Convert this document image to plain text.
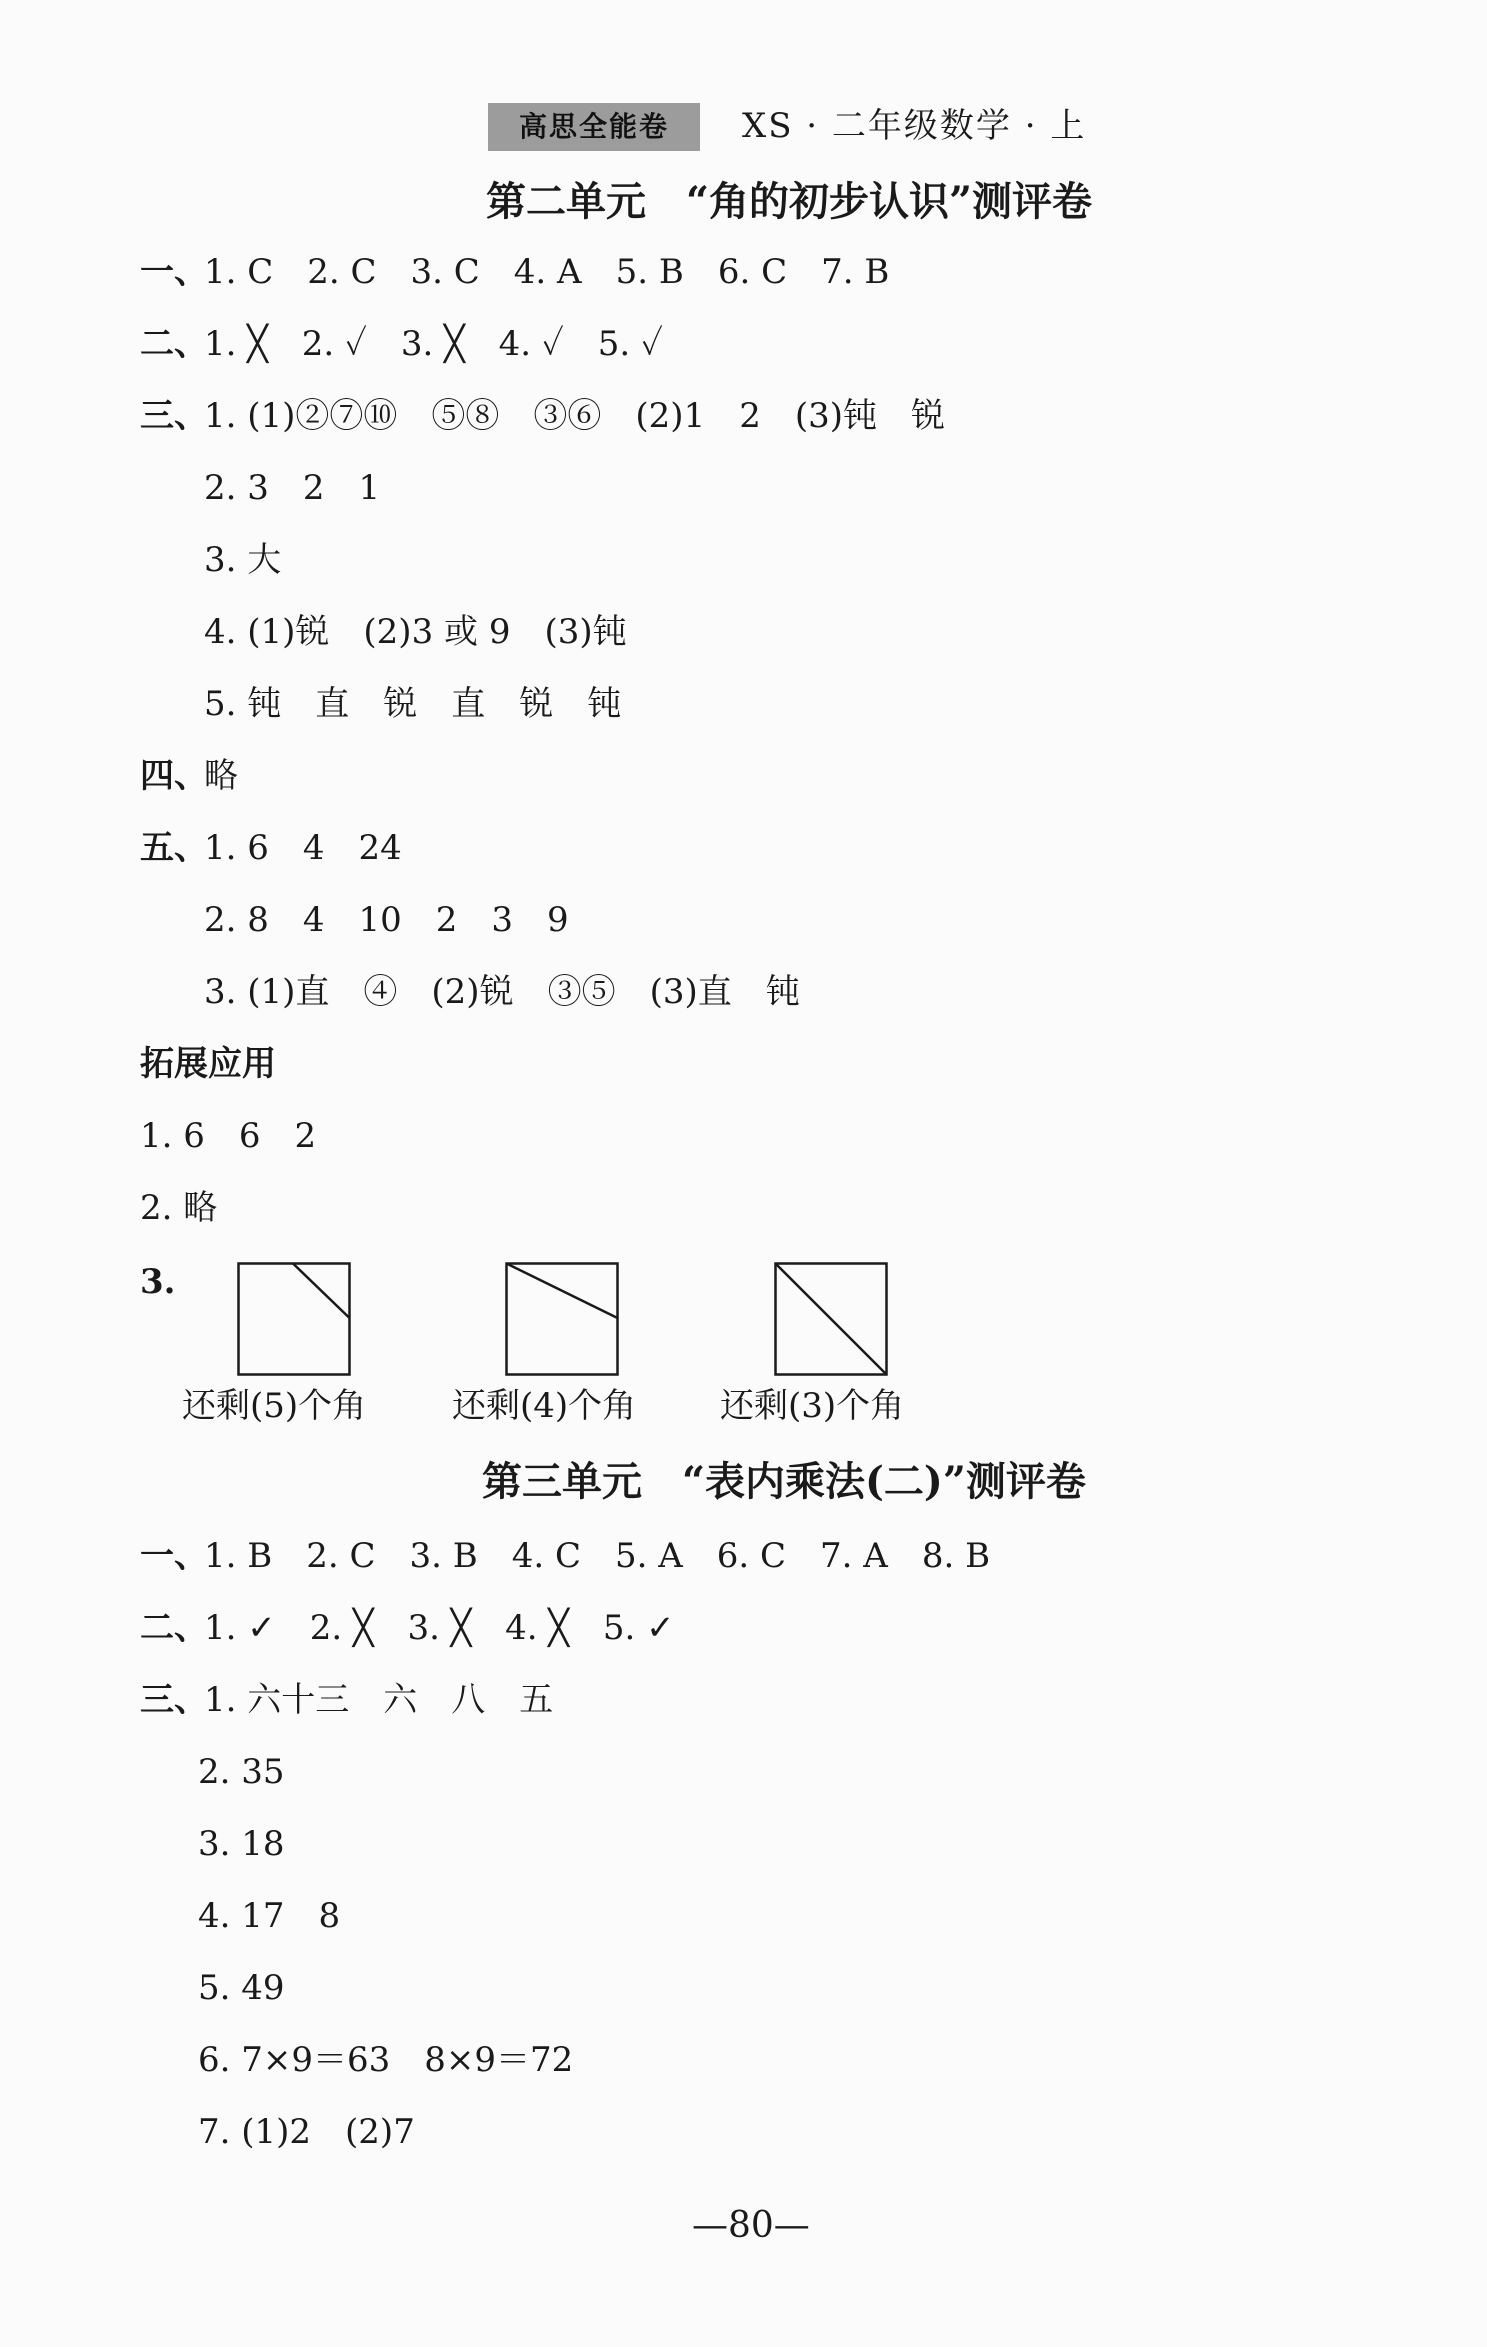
高思全能卷	XS · 二年级数学 · 上
第二单元　“角的初步认识”测评卷
一、
1. C　2. C　3. C　4. A　5. B　6. C　7. B
二、
1. ╳　2. ✓　3. ╳　4. ✓　5. ✓
三、
1. (1)②⑦⑩　⑤⑧　③⑥　(2)1　2　(3)钝　锐
2. 3　2　1
3. 大
4. (1)锐　(2)3 或 9　(3)钝
5. 钝　直　锐　直　锐　钝
四、
略
五、
1. 6　4　24
2. 8　4　10　2　3　9
3. (1)直　④　(2)锐　③⑤　(3)直　钝
拓展应用
1. 6　6　2
2. 略
3.
还剩(5)个角	还剩(4)个角 还剩(3)个角
第三单元　“表内乘法(二)”测评卷
一、
1. B　2. C　3. B　4. C　5. A　6. C　7. A　8. B
二、
1. ✓　2. ╳　3. ╳　4. ╳　5. ✓
三、
1. 六十三　六　八　五
2. 35
3. 18
4. 17　8
5. 49
6. 7×9＝63　8×9＝72
7. (1)2　(2)7
—80—
